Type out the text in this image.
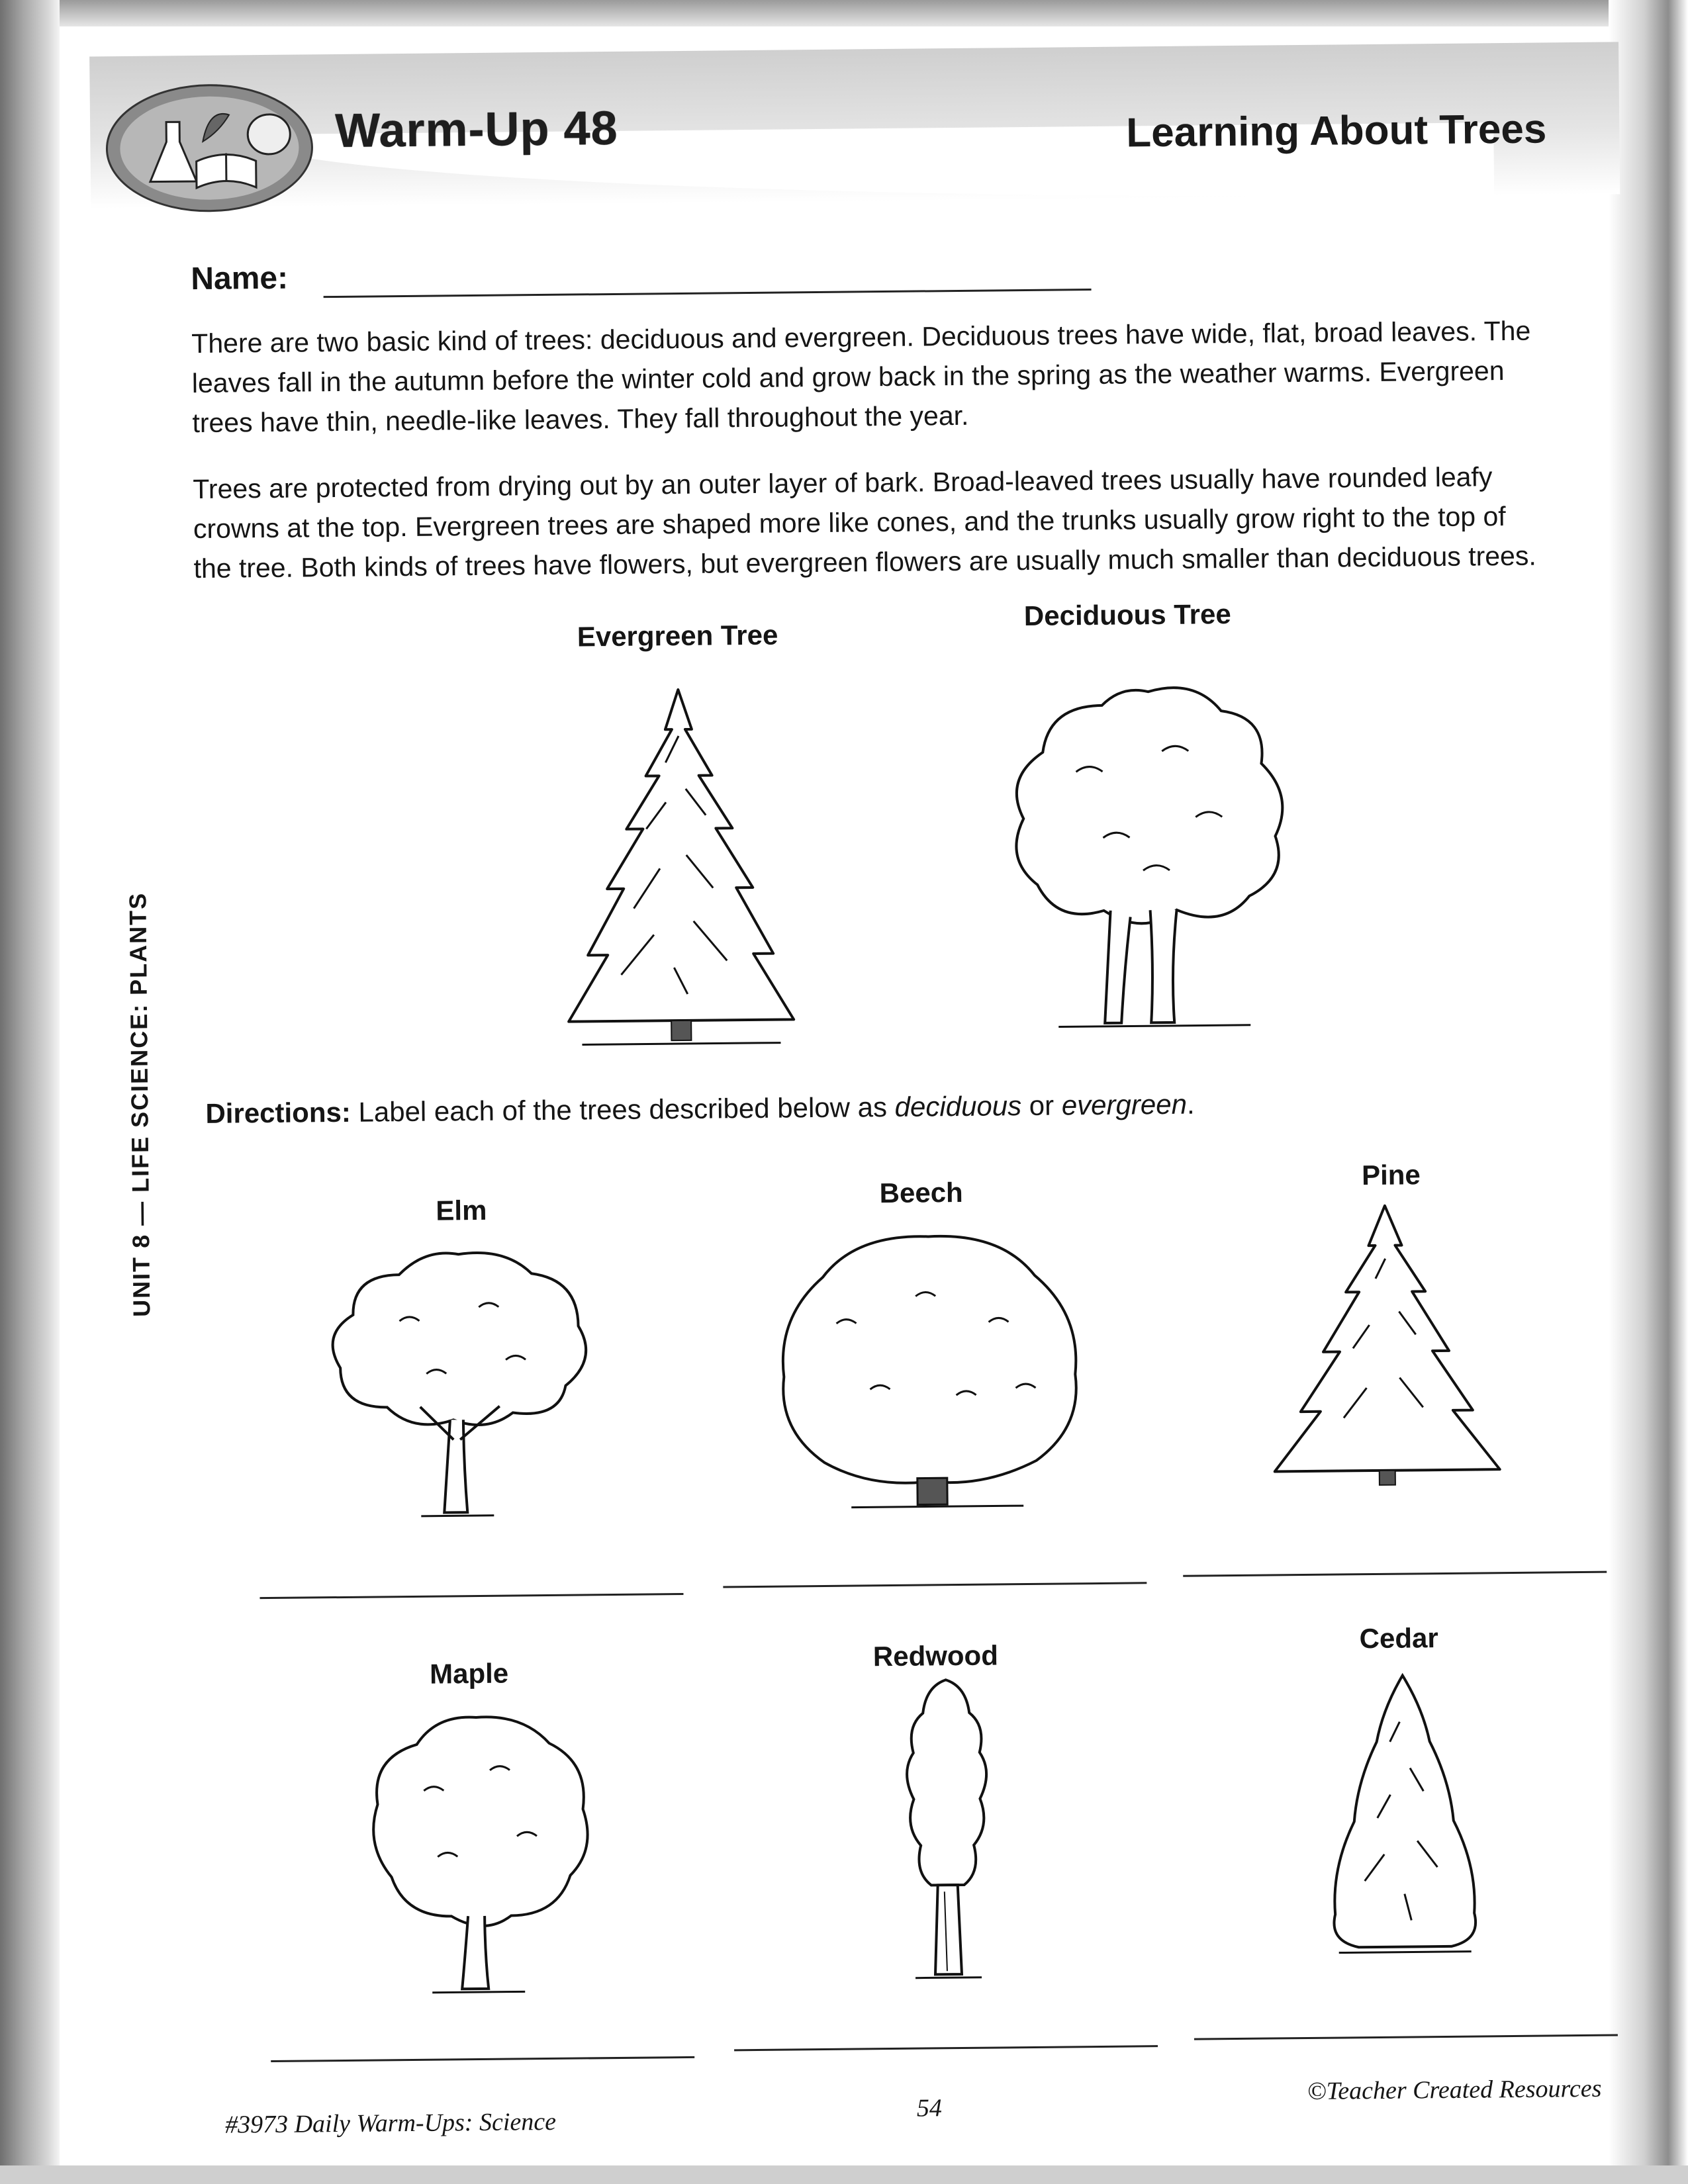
Warm-Up 48	Learning About Trees
Name:

There are two basic kind of trees: deciduous and evergreen. Deciduous trees have wide, flat, broad leaves. The leaves fall in the autumn before the winter cold and grow back in the spring as the weather warms. Evergreen trees have thin, needle-like leaves. They fall throughout the year.

Trees are protected from drying out by an outer layer of bark. Broad-leaved trees usually have rounded leafy crowns at the top. Evergreen trees are shaped more like cones, and the trunks usually grow right to the top of the tree. Both kinds of trees have flowers, but evergreen flowers are usually much smaller than deciduous trees.

Evergreen Tree
Deciduous Tree
Directions: Label each of the trees described below as deciduous or evergreen.
Elm
Beech
Pine
Maple
Redwood
Cedar
UNIT 8 — LIFE SCIENCE: PLANTS
#3973 Daily Warm-Ups: Science	54
©Teacher Created Resources
